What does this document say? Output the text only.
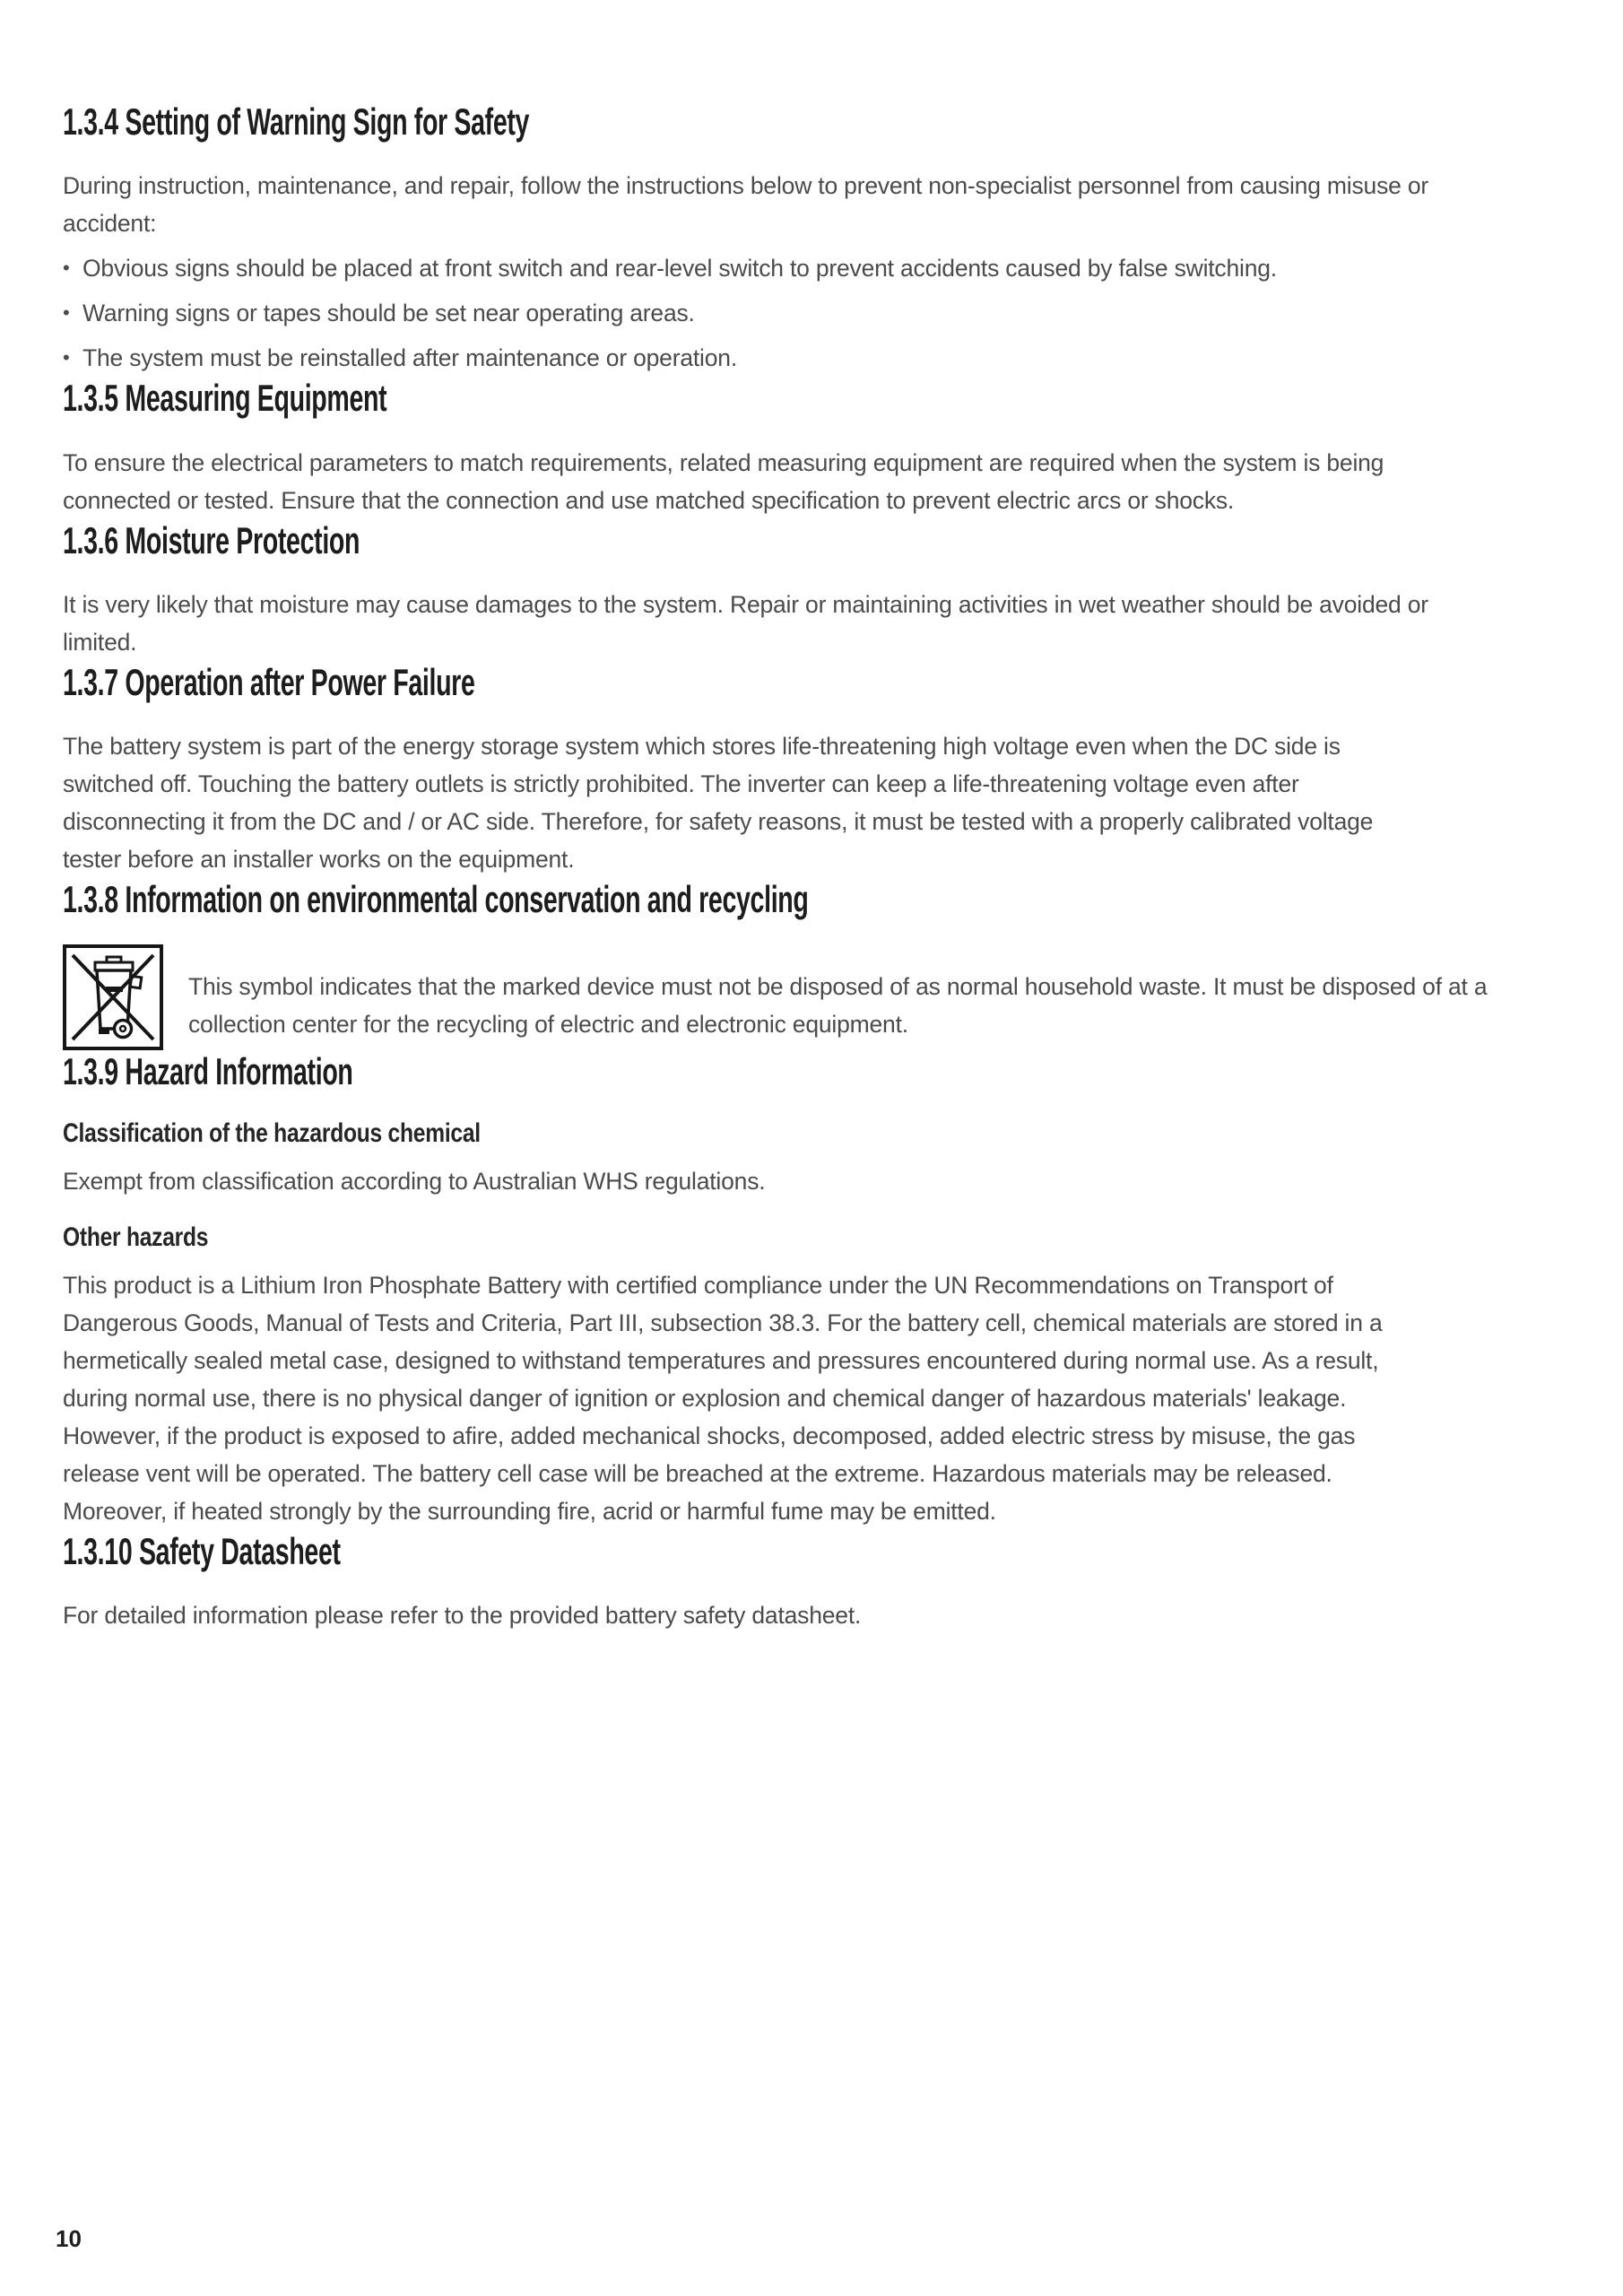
1.3.4 Setting of Warning Sign for Safety

During instruction, maintenance, and repair, follow the instructions below to prevent non-specialist personnel from causing misuse or accident:

• Obvious signs should be placed at front switch and rear-level switch to prevent accidents caused by false switching.
• Warning signs or tapes should be set near operating areas.
• The system must be reinstalled after maintenance or operation.
1.3.5 Measuring Equipment

To ensure the electrical parameters to match requirements, related measuring equipment are required when the system is being connected or tested. Ensure that the connection and use matched specification to prevent electric arcs or shocks.

1.3.6 Moisture Protection

It is very likely that moisture may cause damages to the system. Repair or maintaining activities in wet weather should be avoided or limited.

1.3.7 Operation after Power Failure

The battery system is part of the energy storage system which stores life-threatening high voltage even when the DC side is switched off. Touching the battery outlets is strictly prohibited. The inverter can keep a life-threatening voltage even after disconnecting it from the DC and / or AC side. Therefore, for safety reasons, it must be tested with a properly calibrated voltage tester before an installer works on the equipment.

1.3.8 Information on environmental conservation and recycling

This symbol indicates that the marked device must not be disposed of as normal household waste. It must be disposed of at a collection center for the recycling of electric and electronic equipment.

1.3.9 Hazard Information
Classification of the hazardous chemical

Exempt from classification according to Australian WHS regulations.

Other hazards

This product is a Lithium Iron Phosphate Battery with certified compliance under the UN Recommendations on Transport of Dangerous Goods, Manual of Tests and Criteria, Part III, subsection 38.3. For the battery cell, chemical materials are stored in a hermetically sealed metal case, designed to withstand temperatures and pressures encountered during normal use. As a result, during normal use, there is no physical danger of ignition or explosion and chemical danger of hazardous materials' leakage. However, if the product is exposed to afire, added mechanical shocks, decomposed, added electric stress by misuse, the gas release vent will be operated. The battery cell case will be breached at the extreme. Hazardous materials may be released. Moreover, if heated strongly by the surrounding fire, acrid or harmful fume may be emitted.

1.3.10 Safety Datasheet

For detailed information please refer to the provided battery safety datasheet.

10
